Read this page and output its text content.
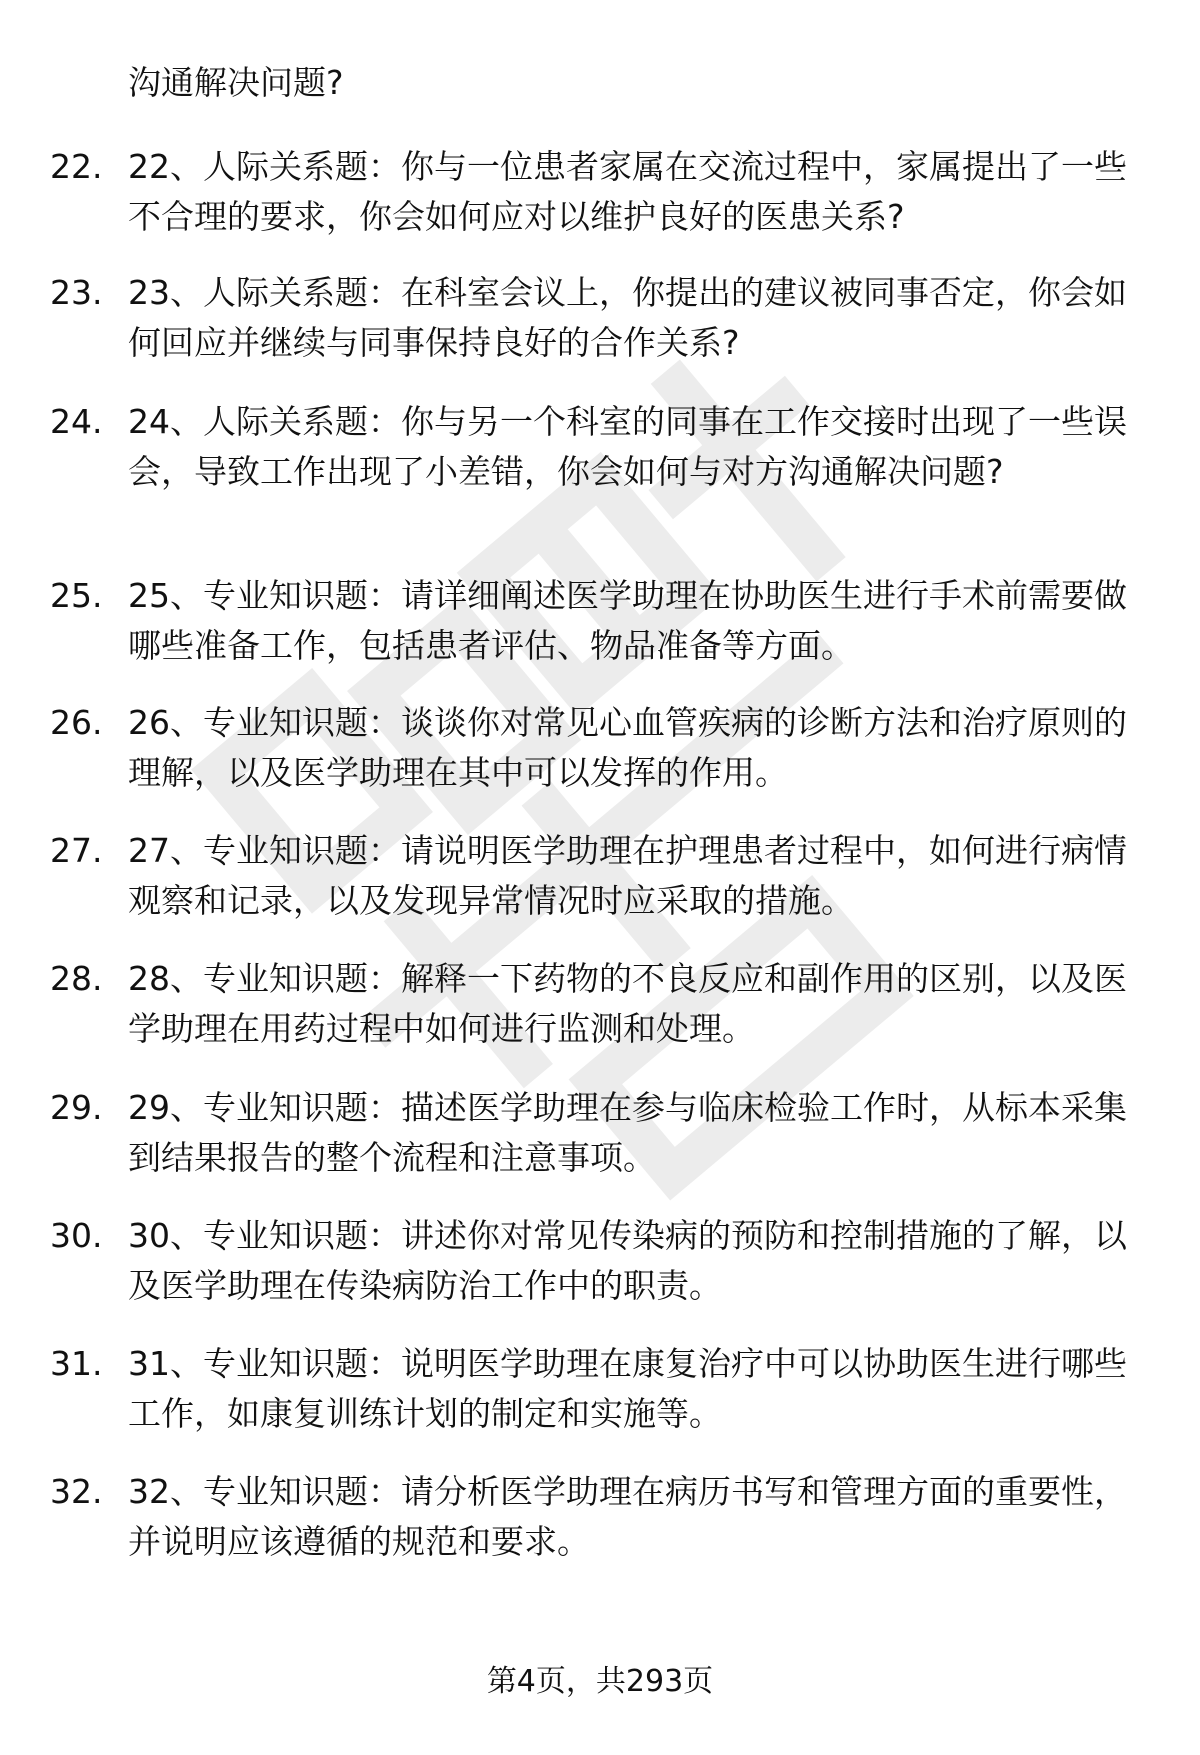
沟通解决问题?

22. 22、人际关系题：你与一位患者家属在交流过程中，家属提出了一些不合理的要求，你会如何应对以维护良好的医患关系?

23. 23、人际关系题：在科室会议上，你提出的建议被同事否定，你会如何回应并继续与同事保持良好的合作关系?

24. 24、人际关系题：你与另一个科室的同事在工作交接时出现了一些误会，导致工作出现了小差错，你会如何与对方沟通解决问题?

25. 25、专业知识题：请详细阐述医学助理在协助医生进行手术前需要做哪些准备工作，包括患者评估、物品准备等方面。

26. 26、专业知识题：谈谈你对常见心血管疾病的诊断方法和治疗原则的理解，以及医学助理在其中可以发挥的作用。

27. 27、专业知识题：请说明医学助理在护理患者过程中，如何进行病情观察和记录，以及发现异常情况时应采取的措施。

28. 28、专业知识题：解释一下药物的不良反应和副作用的区别，以及医学助理在用药过程中如何进行监测和处理。

29. 29、专业知识题：描述医学助理在参与临床检验工作时，从标本采集到结果报告的整个流程和注意事项。

30. 30、专业知识题：讲述你对常见传染病的预防和控制措施的了解，以及医学助理在传染病防治工作中的职责。

31. 31、专业知识题：说明医学助理在康复治疗中可以协助医生进行哪些工作，如康复训练计划的制定和实施等。

32. 32、专业知识题：请分析医学助理在病历书写和管理方面的重要性，并说明应该遵循的规范和要求。

第4页，共293页
